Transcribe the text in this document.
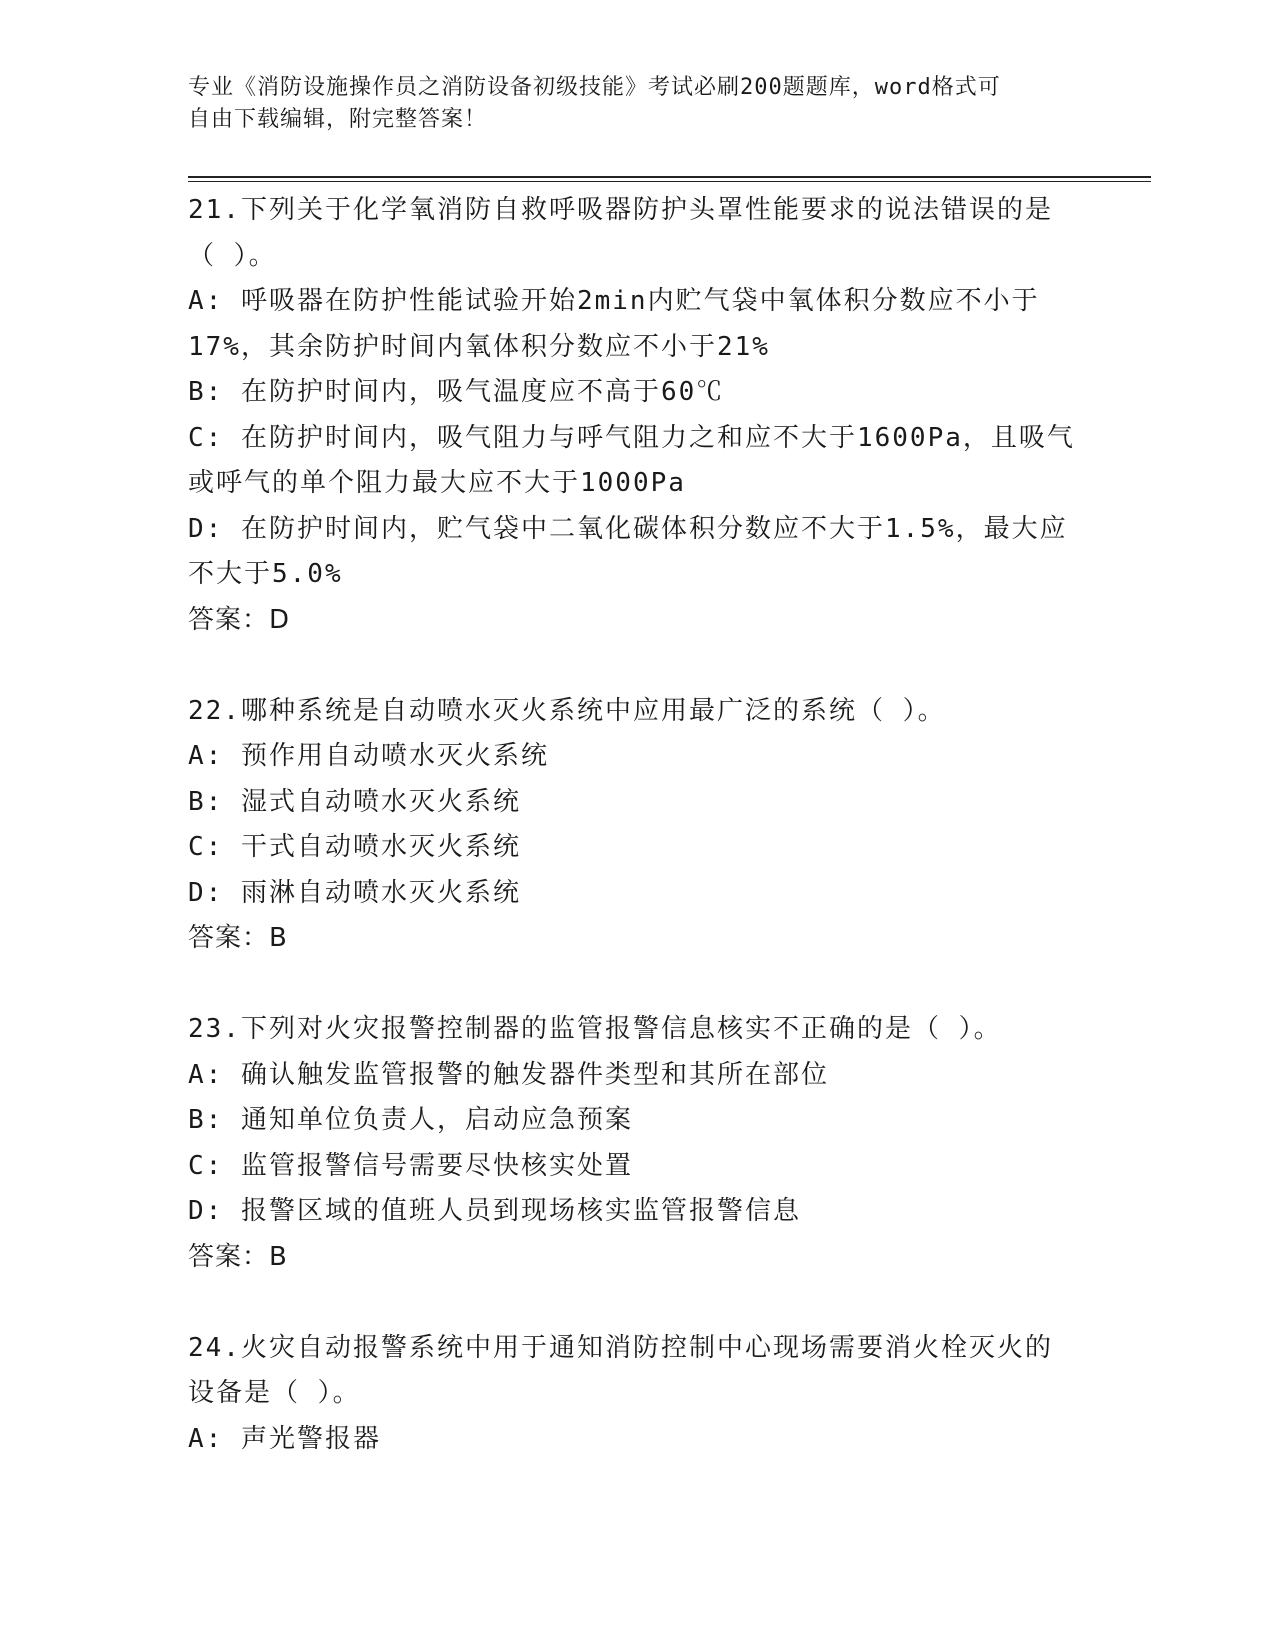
专业《消防设施操作员之消防设备初级技能》考试必刷200题题库，word格式可
自由下载编辑，附完整答案！
21.下列关于化学氧消防自救呼吸器防护头罩性能要求的说法错误的是
（ ）。
A: 呼吸器在防护性能试验开始2min内贮气袋中氧体积分数应不小于
17%，其余防护时间内氧体积分数应不小于21%
B: 在防护时间内，吸气温度应不高于60℃
C: 在防护时间内，吸气阻力与呼气阻力之和应不大于1600Pa，且吸气
或呼气的单个阻力最大应不大于1000Pa
D: 在防护时间内，贮气袋中二氧化碳体积分数应不大于1.5%，最大应
不大于5.0%
答案：D
22.哪种系统是自动喷水灭火系统中应用最广泛的系统（ ）。
A: 预作用自动喷水灭火系统
B: 湿式自动喷水灭火系统
C: 干式自动喷水灭火系统
D: 雨淋自动喷水灭火系统
答案：B
23.下列对火灾报警控制器的监管报警信息核实不正确的是（ ）。
A: 确认触发监管报警的触发器件类型和其所在部位
B: 通知单位负责人，启动应急预案
C: 监管报警信号需要尽快核实处置
D: 报警区域的值班人员到现场核实监管报警信息
答案：B
24.火灾自动报警系统中用于通知消防控制中心现场需要消火栓灭火的
设备是（ ）。
A: 声光警报器
